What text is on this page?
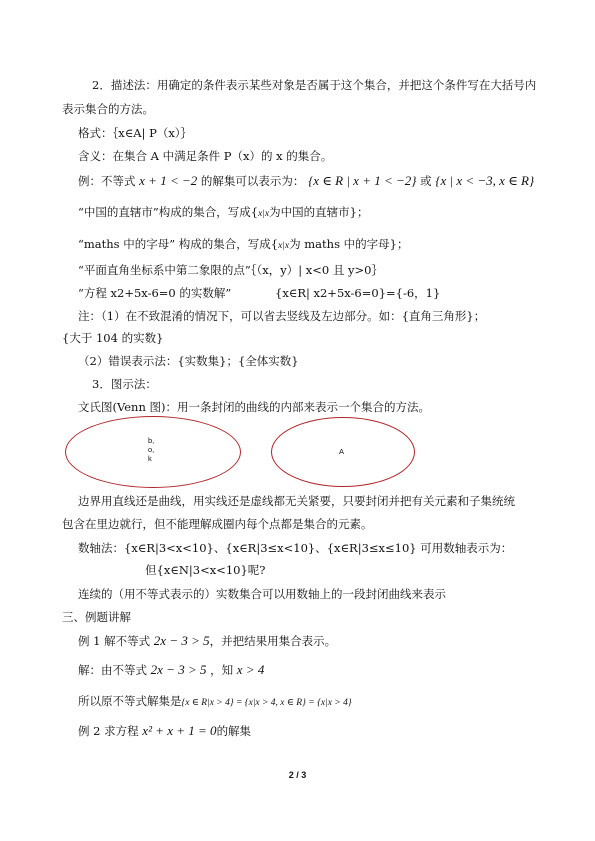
2．描述法：用确定的条件表示某些对象是否属于这个集合，并把这个条件写在大括号内
表示集合的方法。
格式：｛x∈A| P（x）｝
含义：在集合 A 中满足条件 P（x）的 x 的集合。
例：不等式 x + 1 < −2 的解集可以表示为： {x ∈ R | x + 1 < −2} 或 {x | x < −3, x ∈ R}
“中国的直辖市”构成的集合，写成{x|x为中国的直辖市}；
“maths 中的字母” 构成的集合，写成{x|x为 maths 中的字母}；
“平面直角坐标系中第二象限的点”｛（x，y）| x<0 且 y>0｝
“方程 x2+5x-6=0 的实数解”	{x∈R| x2+5x-6=0}={-6，1}
注：（1）在不致混淆的情况下，可以省去竖线及左边部分。如：{直角三角形}；
{大于 104 的实数}
（2）错误表示法：{实数集}；{全体实数}
3．图示法：
文氏图(Venn 图)：用一条封闭的曲线的内部来表示一个集合的方法。
b,
o,
k
A
边界用直线还是曲线，用实线还是虚线都无关紧要，只要封闭并把有关元素和子集统统
包含在里边就行，但不能理解成圈内每个点都是集合的元素。
数轴法：{x∈R|3<x<10}、{x∈R|3≤x<10}、{x∈R|3≤x≤10} 可用数轴表示为：
但{x∈N|3<x<10}呢?
连续的（用不等式表示的）实数集合可以用数轴上的一段封闭曲线来表示
三、例题讲解
例 1 解不等式 2x − 3 > 5，并把结果用集合表示。
解：由不等式 2x − 3 > 5 ，知 x > 4
所以原不等式解集是{x ∈ R|x > 4} = {x|x > 4, x ∈ R} = {x|x > 4}
例 2 求方程 x² + x + 1 = 0的解集
2 / 3
